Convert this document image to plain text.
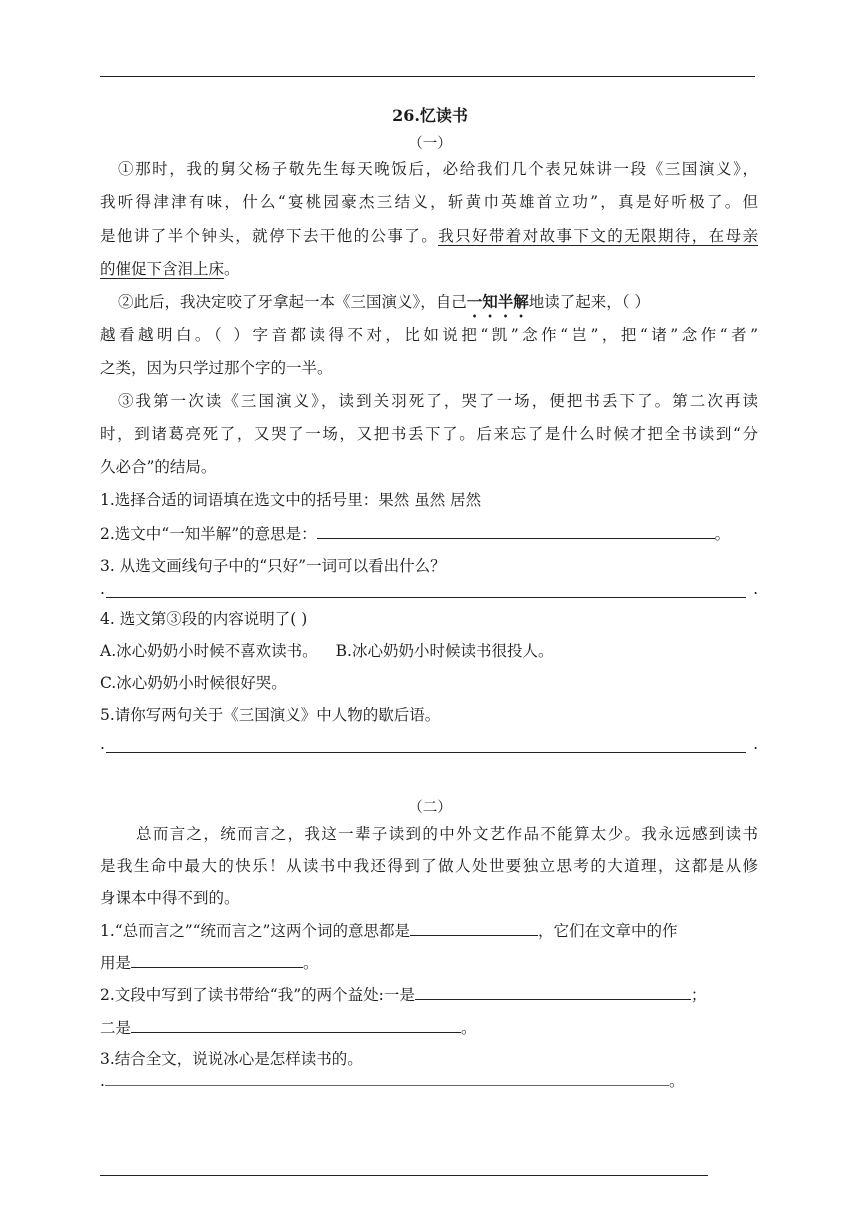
26.忆读书
（一）
①那时，我的舅父杨子敬先生每天晚饭后，必给我们几个表兄妹讲一段《三国演义》，
我听得津津有味，什么“宴桃园豪杰三结义，斩黄巾英雄首立功”，真是好听极了。但
是他讲了半个钟头，就停下去干他的公事了。我只好带着对故事下文的无限期待，在母亲
的催促下含泪上床。
②此后，我决定咬了牙拿起一本《三国演义》，自己一知半解地读了起来，（ ）
越看越明白。（ ）字音都读得不对，比如说把“凯”念作“岂”，把“诸”念作“者”
之类，因为只学过那个字的一半。
③我第一次读《三国演义》，读到关羽死了，哭了一场，便把书丢下了。第二次再读
时，到诸葛亮死了，又哭了一场，又把书丢下了。后来忘了是什么时候才把全书读到“分
久必合”的结局。
1.选择合适的词语填在选文中的括号里：果然 虽然 居然
2.选文中“一知半解”的意思是：	。
3. 从选文画线句子中的“只好”一词可以看出什么？
.	.
4. 选文第③段的内容说明了( )
A.冰心奶奶小时候不喜欢读书。 B.冰心奶奶小时候读书很投人。
C.冰心奶奶小时候很好哭。
5.请你写两句关于《三国演义》中人物的歇后语。
.	.
（二）
总而言之，统而言之，我这一辈子读到的中外文艺作品不能算太少。我永远感到读书
是我生命中最大的快乐！从读书中我还得到了做人处世要独立思考的大道理，这都是从修
身课本中得不到的。
1.“总而言之”“统而言之”这两个词的意思都是	，它们在文章中的作
用是	。
2.文段中写到了读书带给“我”的两个益处:一是	；
二是	。
3.结合全文，说说冰心是怎样读书的。
.	。
